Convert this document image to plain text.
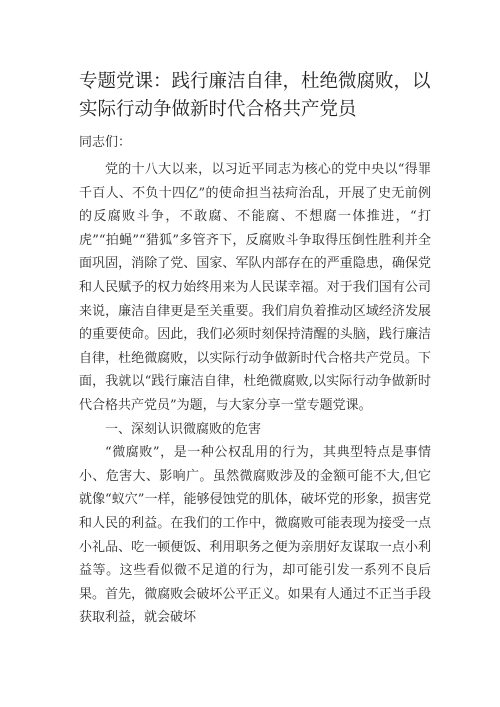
专题党课：践行廉洁自律，杜绝微腐败，以实际行动争做新时代合格共产党员
同志们：

党的十八大以来，以习近平同志为核心的党中央以“得罪千百人、不负十四亿”的使命担当祛疴治乱，开展了史无前例的反腐败斗争，不敢腐、不能腐、不想腐一体推进，“打虎”“拍蝇”“猎狐”多管齐下，反腐败斗争取得压倒性胜利并全面巩固，消除了党、国家、军队内部存在的严重隐患，确保党和人民赋予的权力始终用来为人民谋幸福。对于我们国有公司来说，廉洁自律更是至关重要。我们肩负着推动区域经济发展的重要使命。因此，我们必须时刻保持清醒的头脑，践行廉洁自律，杜绝微腐败，以实际行动争做新时代合格共产党员。下面，我就以“践行廉洁自律，杜绝微腐败,以实际行动争做新时代合格共产党员”为题，与大家分享一堂专题党课。

一、深刻认识微腐败的危害

“微腐败”，是一种公权乱用的行为，其典型特点是事情小、危害大、影响广。虽然微腐败涉及的金额可能不大,但它就像“蚁穴”一样，能够侵蚀党的肌体，破坏党的形象，损害党和人民的利益。在我们的工作中，微腐败可能表现为接受一点小礼品、吃一顿便饭、利用职务之便为亲朋好友谋取一点小利益等。这些看似微不足道的行为，却可能引发一系列不良后果。首先，微腐败会破坏公平正义。如果有人通过不正当手段获取利益，就会破坏
